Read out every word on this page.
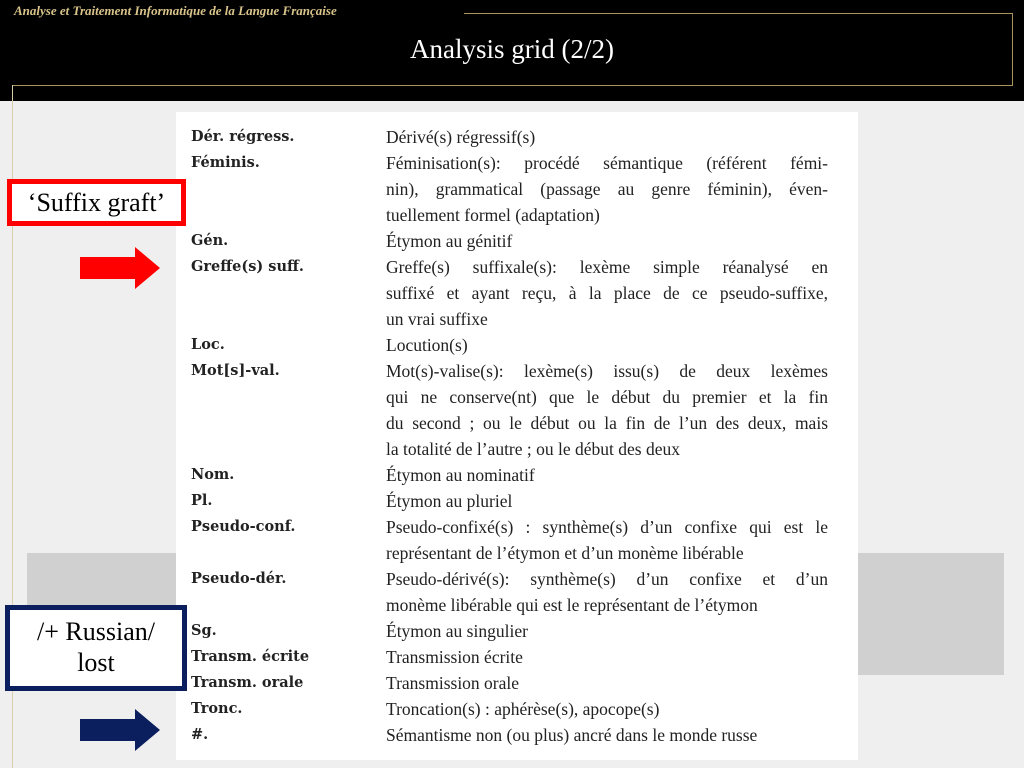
Analyse et Traitement Informatique de la Langue Française
Analysis grid (2/2)
Dér. régress.	Dérivé(s) régressif(s)
Féminis.	Féminisation(s): procédé sémantique (référent fémi-
nin), grammatical (passage au genre féminin), éven-
tuellement formel (adaptation)
Gén.	Étymon au génitif
Greffe(s) suff.	Greffe(s) suffixale(s): lexème simple réanalysé en
suffixé et ayant reçu, à la place de ce pseudo-suffixe,
un vrai suffixe
Loc.	Locution(s)
Mot[s]-val.	Mot(s)-valise(s): lexème(s) issu(s) de deux lexèmes
qui ne conserve(nt) que le début du premier et la fin
du second ; ou le début ou la fin de l’un des deux, mais
la totalité de l’autre ; ou le début des deux
Nom.	Étymon au nominatif
Pl.	Étymon au pluriel
Pseudo-conf.	Pseudo-confixé(s) : synthème(s) d’un confixe qui est le
représentant de l’étymon et d’un monème libérable
Pseudo-dér.	Pseudo-dérivé(s): synthème(s) d’un confixe et d’un
monème libérable qui est le représentant de l’étymon
Sg.	Étymon au singulier
Transm. écrite	Transmission écrite
Transm. orale	Transmission orale
Tronc.	Troncation(s) : aphérèse(s), apocope(s)
#.	Sémantisme non (ou plus) ancré dans le monde russe
‘Suffix graft’
/+ Russian/
lost
